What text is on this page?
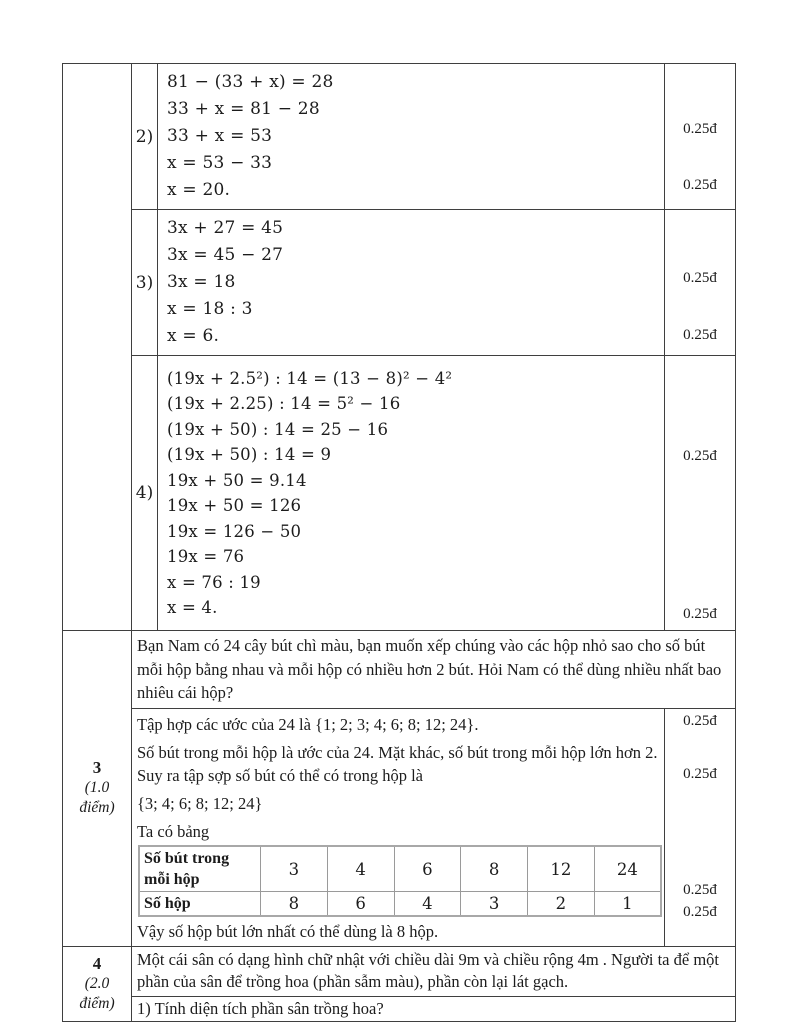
	2)	
81 − (33 + x) = 28
33 + x = 81 − 28
33 + x = 53
x = 53 − 33
x = 20.

0.25đ
0.25đ

3)	
3x + 27 = 45
3x = 45 − 27
3x = 18
x = 18 : 3
x = 6.

0.25đ
0.25đ

4)	
(19x + 2.5²) : 14 = (13 − 8)² − 4²
(19x + 2.25) : 14 = 5² − 16
(19x + 50) : 14 = 25 − 16
(19x + 50) : 14 = 9
19x + 50 = 9.14
19x + 50 = 126
19x = 126 − 50
19x = 76
x = 76 : 19
x = 4.

0.25đ
0.25đ

3
(1.0 điểm)

Bạn Nam có 24 cây bút chì màu, bạn muốn xếp chúng vào các hộp nhỏ sao cho số bút mỗi hộp bằng nhau và mỗi hộp có nhiều hơn 2 bút. Hỏi Nam có thể dùng nhiều nhất bao nhiêu cái hộp?

Tập hợp các ước của 24 là {1; 2; 3; 4; 6; 8; 12; 24}.
Số bút trong mỗi hộp là ước của 24. Mặt khác, số bút trong mỗi hộp lớn hơn 2. Suy ra tập sợp số bút có thể có trong hộp là
{3; 4; 6; 8; 12; 24}
Ta có bảng
Số bút trong mỗi hộp	3	4	6	8	12	24
Số hộp	8	6	4	3	2	1
Vậy số hộp bút lớn nhất có thể dùng là 8 hộp.

0.25đ
0.25đ
0.25đ
0.25đ

4
(2.0 điểm)

Một cái sân có dạng hình chữ nhật với chiều dài 9m và chiều rộng 4m . Người ta để một phần của sân để trồng hoa (phần sẫm màu), phần còn lại lát gạch.
1) Tính diện tích phần sân trồng hoa?
